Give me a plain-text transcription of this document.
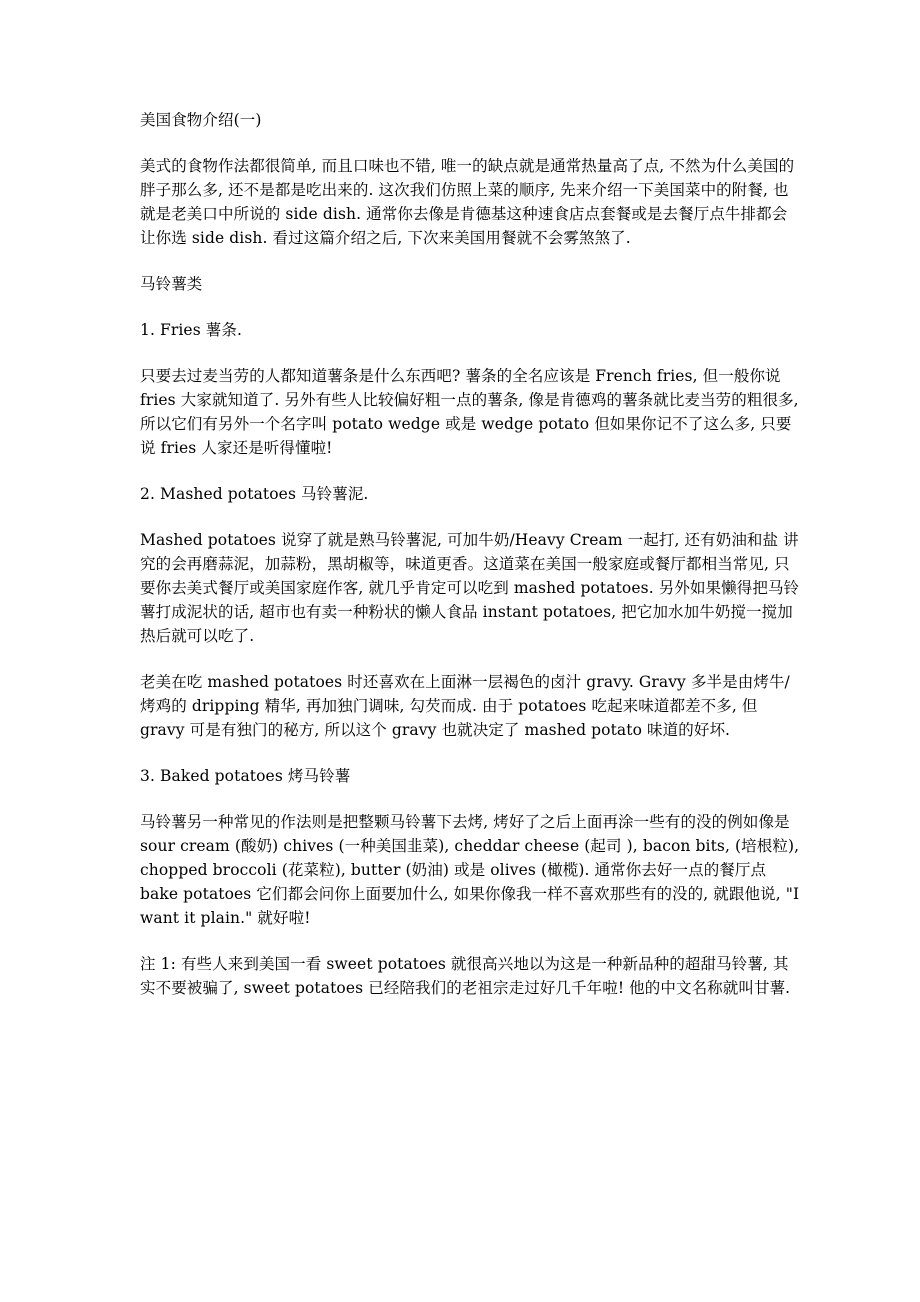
美国食物介绍(一)

美式的食物作法都很简单, 而且口味也不错, 唯一的缺点就是通常热量高了点, 不然为什么美国的胖子那么多, 还不是都是吃出来的. 这次我们仿照上菜的顺序, 先来介绍一下美国菜中的附餐, 也就是老美口中所说的 side dish. 通常你去像是肯德基这种速食店点套餐或是去餐厅点牛排都会让你选 side dish. 看过这篇介绍之后, 下次来美国用餐就不会雾煞煞了.

马铃薯类

1. Fries 薯条.

只要去过麦当劳的人都知道薯条是什么东西吧? 薯条的全名应该是 French fries, 但一般你说 fries 大家就知道了. 另外有些人比较偏好粗一点的薯条, 像是肯德鸡的薯条就比麦当劳的粗很多, 所以它们有另外一个名字叫 potato wedge 或是 wedge potato 但如果你记不了这么多, 只要说 fries 人家还是听得懂啦!

2. Mashed potatoes 马铃薯泥.

Mashed potatoes 说穿了就是熟马铃薯泥, 可加牛奶/Heavy Cream 一起打, 还有奶油和盐 讲究的会再磨蒜泥，加蒜粉，黑胡椒等，味道更香。这道菜在美国一般家庭或餐厅都相当常见, 只要你去美式餐厅或美国家庭作客, 就几乎肯定可以吃到 mashed potatoes. 另外如果懒得把马铃薯打成泥状的话, 超市也有卖一种粉状的懒人食品 instant potatoes, 把它加水加牛奶搅一搅加热后就可以吃了.

老美在吃 mashed potatoes 时还喜欢在上面淋一层褐色的卤汁 gravy. Gravy 多半是由烤牛/烤鸡的 dripping 精华, 再加独门调味, 勾芡而成. 由于 potatoes 吃起来味道都差不多, 但 gravy 可是有独门的秘方, 所以这个 gravy 也就决定了 mashed potato 味道的好坏.

3. Baked potatoes 烤马铃薯

马铃薯另一种常见的作法则是把整颗马铃薯下去烤, 烤好了之后上面再涂一些有的没的例如像是 sour cream (酸奶) chives (一种美国韭菜), cheddar cheese (起司 ), bacon bits, (培根粒), chopped broccoli (花菜粒), butter (奶油) 或是 olives (橄榄). 通常你去好一点的餐厅点 bake potatoes 它们都会问你上面要加什么, 如果你像我一样不喜欢那些有的没的, 就跟他说, "I want it plain." 就好啦!

注 1: 有些人来到美国一看 sweet potatoes 就很高兴地以为这是一种新品种的超甜马铃薯, 其实不要被骗了, sweet potatoes 已经陪我们的老祖宗走过好几千年啦! 他的中文名称就叫甘薯.
